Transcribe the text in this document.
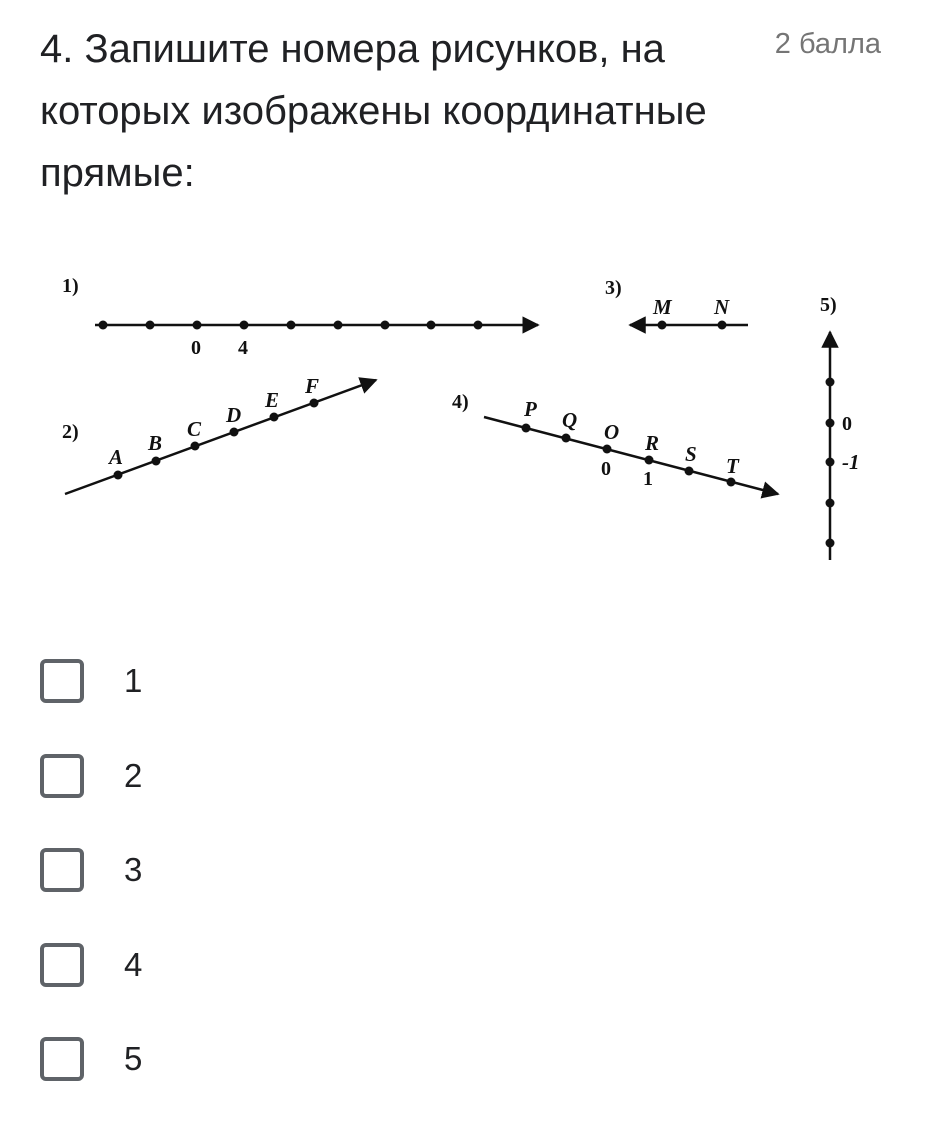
4. Запишите номера рисунков, на которых изображены координатные прямые:
2 балла
1)
0 4
2)
A
B
C
D
E
F
3)
M N
4)	P Q O R S T
0 1
5)
0
-1
1
2
3
4
5
